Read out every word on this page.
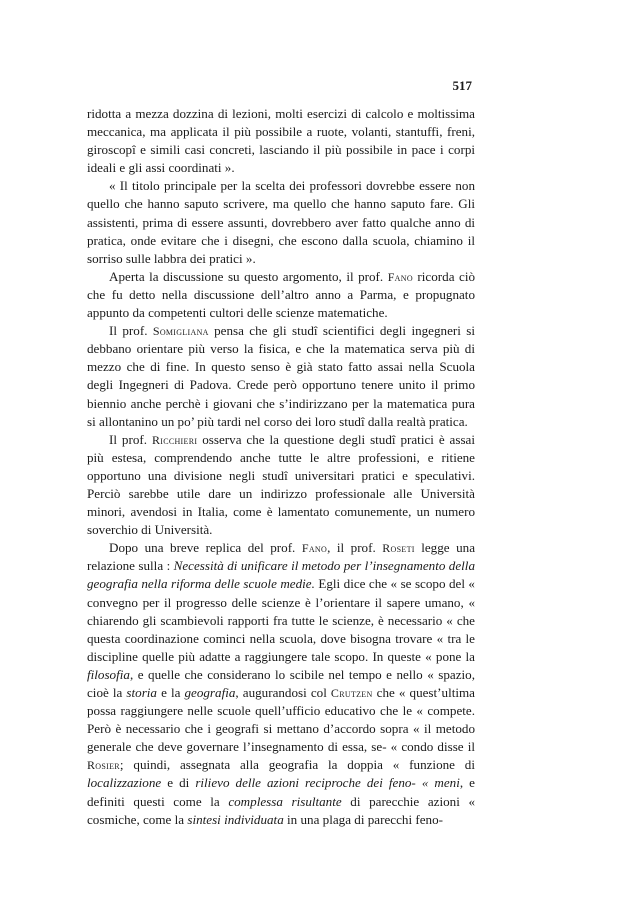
517

ridotta a mezza dozzina di lezioni, molti esercizi di calcolo e moltissima meccanica, ma applicata il più possibile a ruote, volanti, stantuffi, freni, giroscopî e simili casi concreti, lasciando il più possibile in pace i corpi ideali e gli assi coordinati ».

« Il titolo principale per la scelta dei professori dovrebbe essere non quello che hanno saputo scrivere, ma quello che hanno saputo fare. Gli assistenti, prima di essere assunti, dovrebbero aver fatto qualche anno di pratica, onde evitare che i disegni, che escono dalla scuola, chiamino il sorriso sulle labbra dei pratici ».

Aperta la discussione su questo argomento, il prof. Fano ricorda ciò che fu detto nella discussione dell’altro anno a Parma, e propugnato appunto da competenti cultori delle scienze matematiche.

Il prof. Somigliana pensa che gli studî scientifici degli ingegneri si debbano orientare più verso la fisica, e che la matematica serva più di mezzo che di fine. In questo senso è già stato fatto assai nella Scuola degli Ingegneri di Padova. Crede però opportuno tenere unito il primo biennio anche perchè i giovani che s’indirizzano per la matematica pura si allontanino un po’ più tardi nel corso dei loro studî dalla realtà pratica.

Il prof. Ricchieri osserva che la questione degli studî pratici è assai più estesa, comprendendo anche tutte le altre professioni, e ritiene opportuno una divisione negli studî universitari pratici e speculativi. Perciò sarebbe utile dare un indirizzo professionale alle Università minori, avendosi in Italia, come è lamentato comunemente, un numero soverchio di Università.

Dopo una breve replica del prof. Fano, il prof. Roseti legge una relazione sulla : Necessità di unificare il metodo per l’insegnamento della geografia nella riforma delle scuole medie. Egli dice che « se scopo del « convegno per il progresso delle scienze è l’orientare il sapere umano, « chiarendo gli scambievoli rapporti fra tutte le scienze, è necessario « che questa coordinazione cominci nella scuola, dove bisogna trovare « tra le discipline quelle più adatte a raggiungere tale scopo. In queste « pone la filosofia, e quelle che considerano lo scibile nel tempo e nello « spazio, cioè la storia e la geografia, augurandosi col Crutzen che « quest’ultima possa raggiungere nelle scuole quell’ufficio educativo che le « compete. Però è necessario che i geografi si mettano d’accordo sopra « il metodo generale che deve governare l’insegnamento di essa, se- « condo disse il Rosier; quindi, assegnata alla geografia la doppia « funzione di localizzazione e di rilievo delle azioni reciproche dei feno- « meni, e definiti questi come la complessa risultante di parecchie azioni « cosmiche, come la sintesi individuata in una plaga di parecchi feno-
